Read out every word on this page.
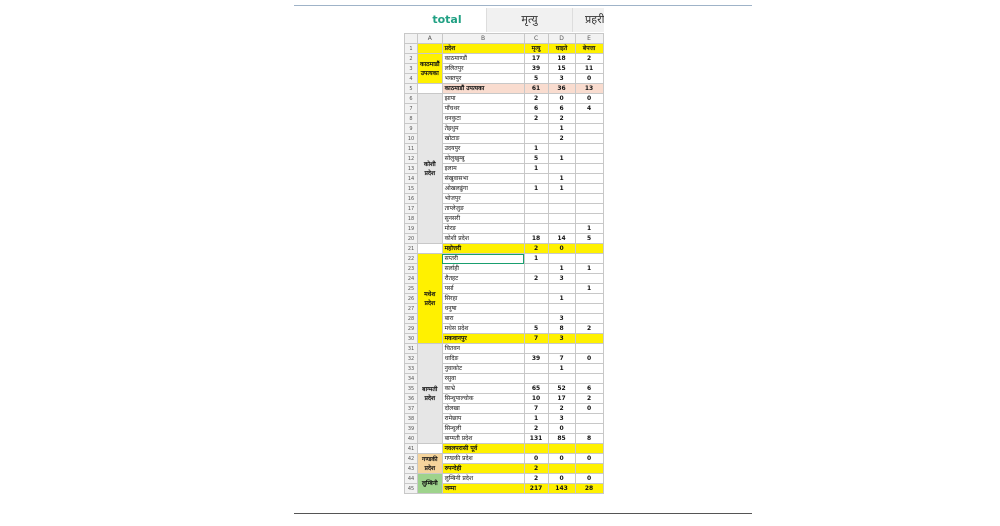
total	मृत्यु	प्रहरी
	A	B	C	D	E
1		प्रदेश	मृत्यु	घाइते	बेपत्ता
2	काठमाडौं उपत्यका	काठमाण्डौं	17	18	2
3		ललितपुर	39	15	11
4		भक्तपुर	5	3	0
5		काठमाडौं उपत्यका	61	36	13
6	कोशी प्रदेश	झापा	2	0	0
7		पाँचथर	6	6	4
8		धनकुटा	2	2	
9		तेह्रथुम		1	
10		खोटाङ		2	
11		उदयपुर	1		
12		सोलुखुम्बु	5	1	
13		इलाम	1		
14		संखुवासभा		1	
15		ओखलढुंगा	1	1	
16		भोजपुर			
17		ताप्लेजुङ			
18		सुनसरी			
19		मोरङ			1
20		कोशी प्रदेश	18	14	5
21		महोत्तरी	2	0	
22	मधेश प्रदेश	सप्तरी	1		
23		सर्लाही		1	1
24		रौतहट	2	3	
25		पर्सा			1
26		सिरहा		1	
27		धनुषा			
28		बारा		3	
29		मधेस प्रदेश	5	8	2
30		मकवानपुर	7	3	
31	बाग्मती प्रदेश	चितवन			
32		धादिङ	39	7	0
33		नुवाकोट		1	
34		रसुवा			
35		काभ्रे	65	52	6
36		सिन्धुपाल्चोक	10	17	2
37		दोलखा	7	2	0
38		रामेछाप	1	3	
39		सिन्धुली	2	0	
40		बाग्मती प्रदेश	131	85	8
41		नवलपरासी पूर्व			
42	गण्डकी प्रदेश	गण्डकी प्रदेश	0	0	0
43		रुपन्देही	2		
44	लुम्बिनी	लुम्बिनी प्रदेश	2	0	0
45		जम्मा	217	143	28
